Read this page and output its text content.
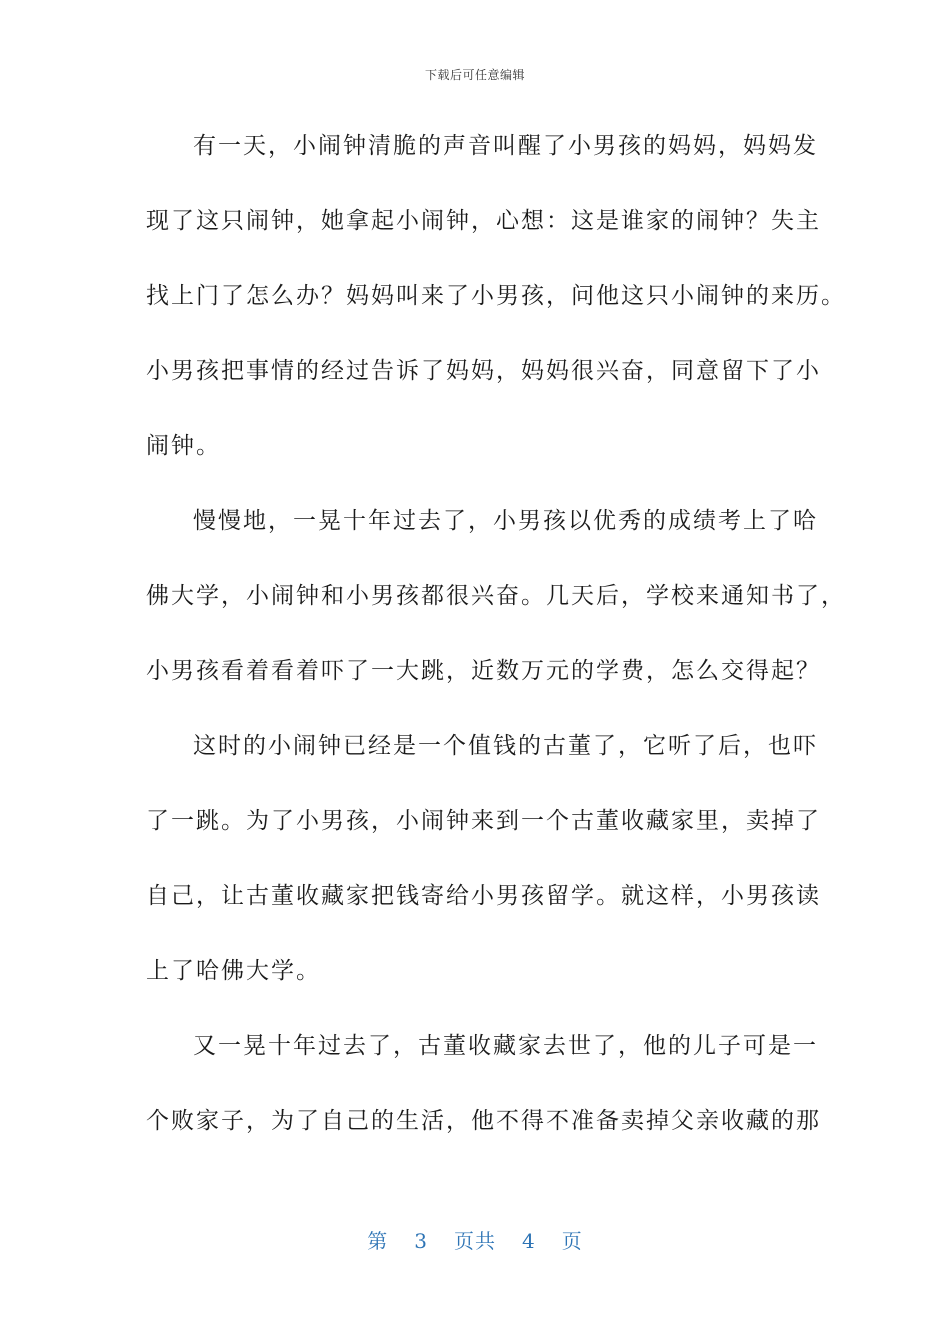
下载后可任意编辑
有一天，小闹钟清脆的声音叫醒了小男孩的妈妈，妈妈发
现了这只闹钟，她拿起小闹钟，心想：这是谁家的闹钟？失主
找上门了怎么办？妈妈叫来了小男孩，问他这只小闹钟的来历。
小男孩把事情的经过告诉了妈妈，妈妈很兴奋，同意留下了小
闹钟。
慢慢地，一晃十年过去了，小男孩以优秀的成绩考上了哈
佛大学，小闹钟和小男孩都很兴奋。几天后，学校来通知书了，
小男孩看着看着吓了一大跳，近数万元的学费，怎么交得起？
这时的小闹钟已经是一个值钱的古董了，它听了后，也吓
了一跳。为了小男孩，小闹钟来到一个古董收藏家里，卖掉了
自己，让古董收藏家把钱寄给小男孩留学。就这样，小男孩读
上了哈佛大学。
又一晃十年过去了，古董收藏家去世了，他的儿子可是一
个败家子，为了自己的生活，他不得不准备卖掉父亲收藏的那
第 3 页共 4 页
